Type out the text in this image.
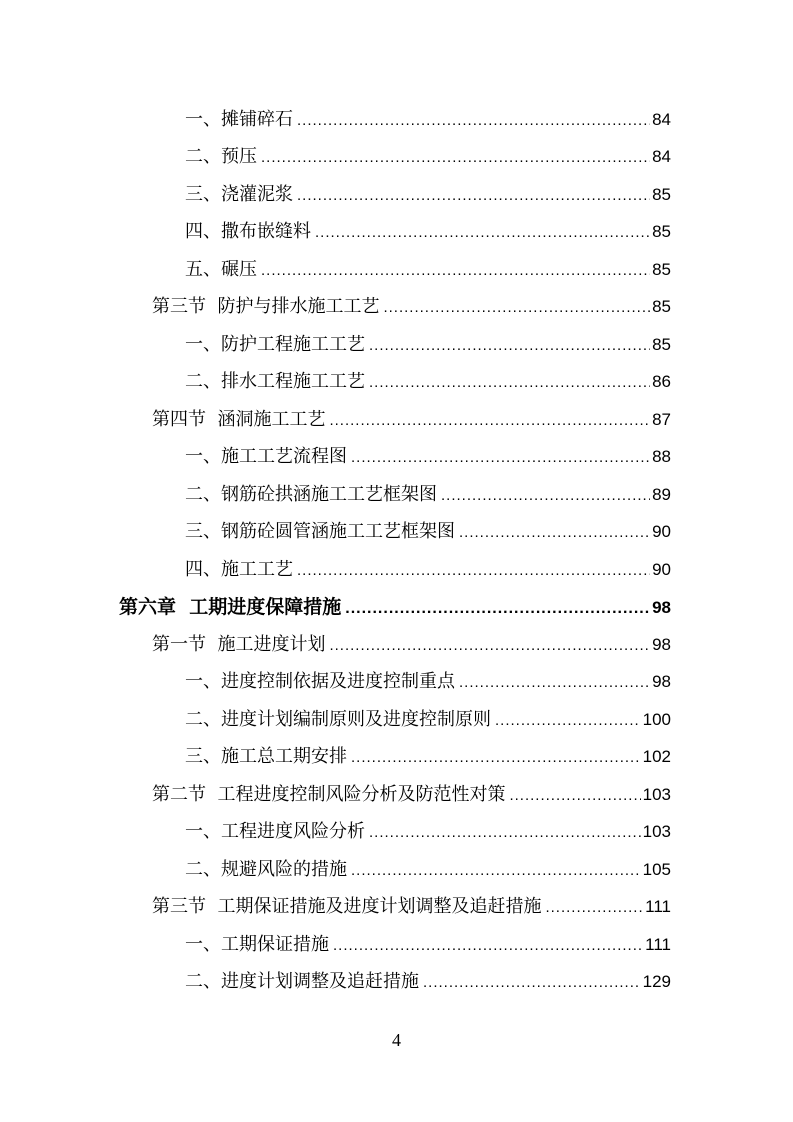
一、 摊铺碎石 .....	84
二、 预压 .....	84
三、 浇灌泥浆 .....	85
四、 撒布嵌缝料 .....	85
五、 碾压 .....	85
第三节 防护与排水施工工艺 .....	85
一、 防护工程施工工艺 .....	85
二、 排水工程施工工艺 .....	86
第四节 涵洞施工工艺 .....	87
一、 施工工艺流程图 .....	88
二、 钢筋砼拱涵施工工艺框架图 .....	89
三、 钢筋砼圆管涵施工工艺框架图 .....	90
四、 施工工艺 .....	90
第六章 工期进度保障措施 .....	98
第一节 施工进度计划 .....	98
一、 进度控制依据及进度控制重点 .....	98
二、 进度计划编制原则及进度控制原则 .....	100
三、 施工总工期安排 .....	102
第二节 工程进度控制风险分析及防范性对策 .....	103
一、 工程进度风险分析 .....	103
二、 规避风险的措施 .....	105
第三节 工期保证措施及进度计划调整及追赶措施 .....	111
一、 工期保证措施 .....	111
二、 进度计划调整及追赶措施 .....	129
4
